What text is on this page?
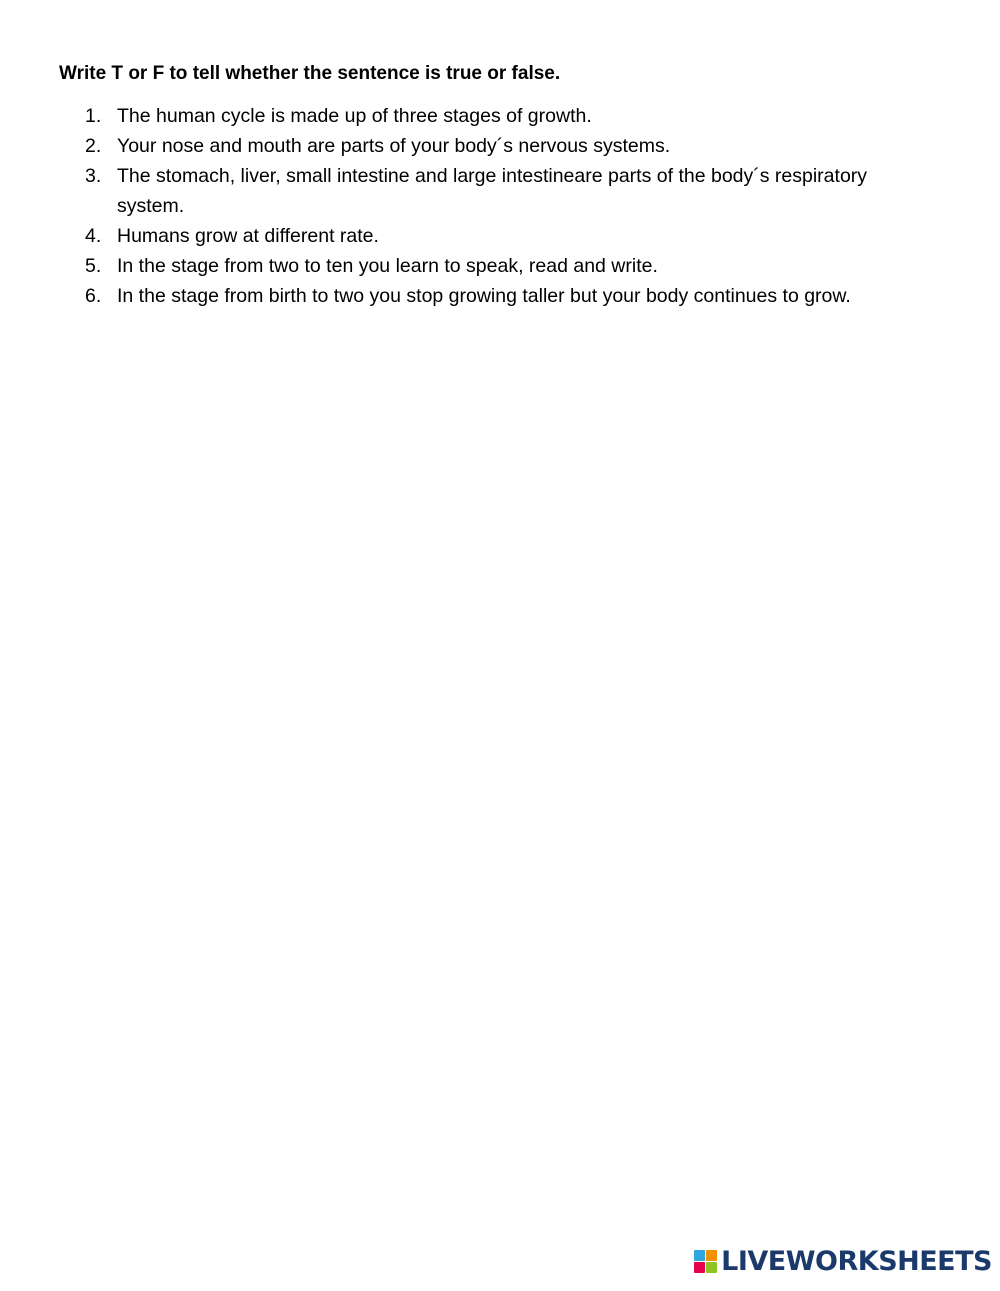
Write T or F to tell whether the sentence is true or false.
1. The human cycle is made up of three stages of growth.
2. Your nose and mouth are parts of your body´s nervous systems.
3. The stomach, liver, small intestine and large intestineare parts of the body´s respiratory system.
4. Humans grow at different rate.
5. In the stage from two to ten you learn to speak, read and write.
6. In the stage from birth to two you stop growing taller but your body continues to grow.
LIVEWORKSHEETS
